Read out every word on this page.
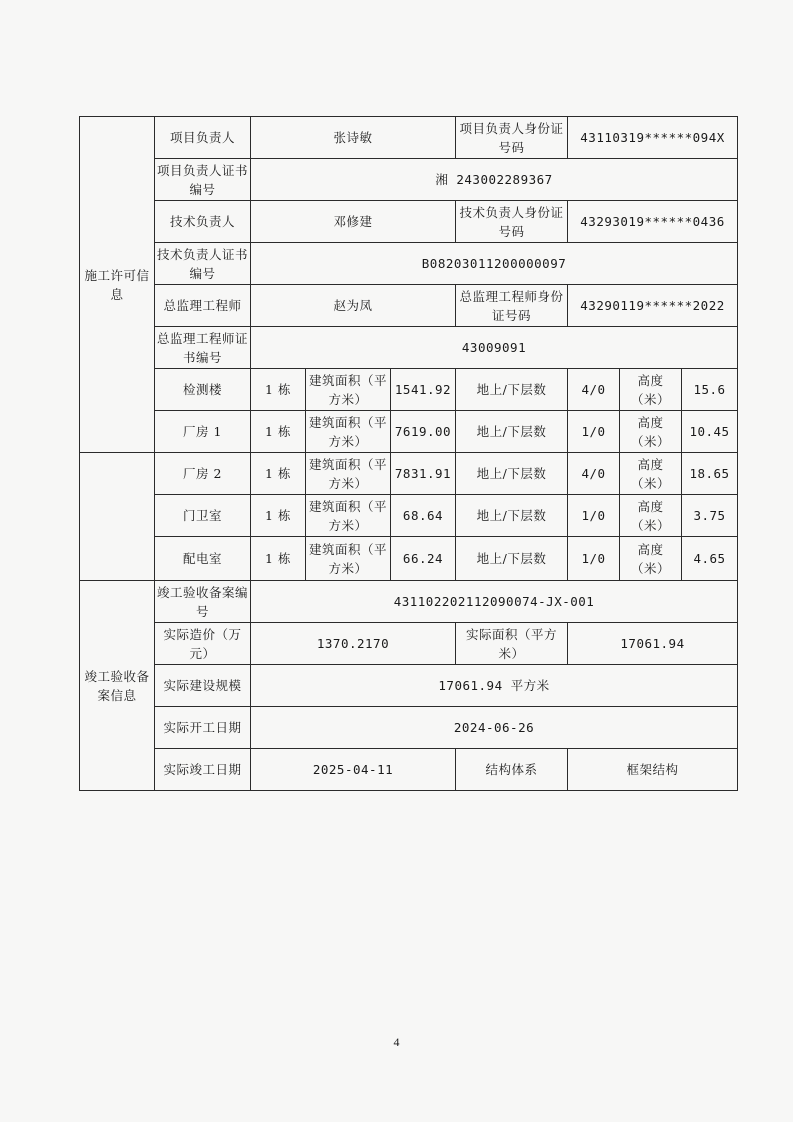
施工许可信息	项目负责人	张诗敏			项目负责人身份证号码	43110319******094X		
	项目负责人证书编号	湘 243002289367						
	技术负责人	邓修建			技术负责人身份证号码	43293019******0436		
	技术负责人证书编号	B08203011200000097						
	总监理工程师	赵为凤			总监理工程师身份证号码	43290119******2022		
	总监理工程师证书编号	43009091						
	检测楼	1 栋	建筑面积（平方米）	1541.92	地上/下层数	4/0	高度（米）	15.6
	厂房 1	1 栋	建筑面积（平方米）	7619.00	地上/下层数	1/0	高度（米）	10.45
	厂房 2	1 栋	建筑面积（平方米）	7831.91	地上/下层数	4/0	高度（米）	18.65
	门卫室	1 栋	建筑面积（平方米）	68.64	地上/下层数	1/0	高度（米）	3.75
	配电室	1 栋	建筑面积（平方米）	66.24	地上/下层数	1/0	高度（米）	4.65
竣工验收备案信息	竣工验收备案编号	431102202112090074-JX-001						
	实际造价（万元）	1370.2170			实际面积（平方米）	17061.94		
	实际建设规模	17061.94 平方米						
	实际开工日期	2024-06-26						
	实际竣工日期	2025-04-11			结构体系	框架结构		
4
